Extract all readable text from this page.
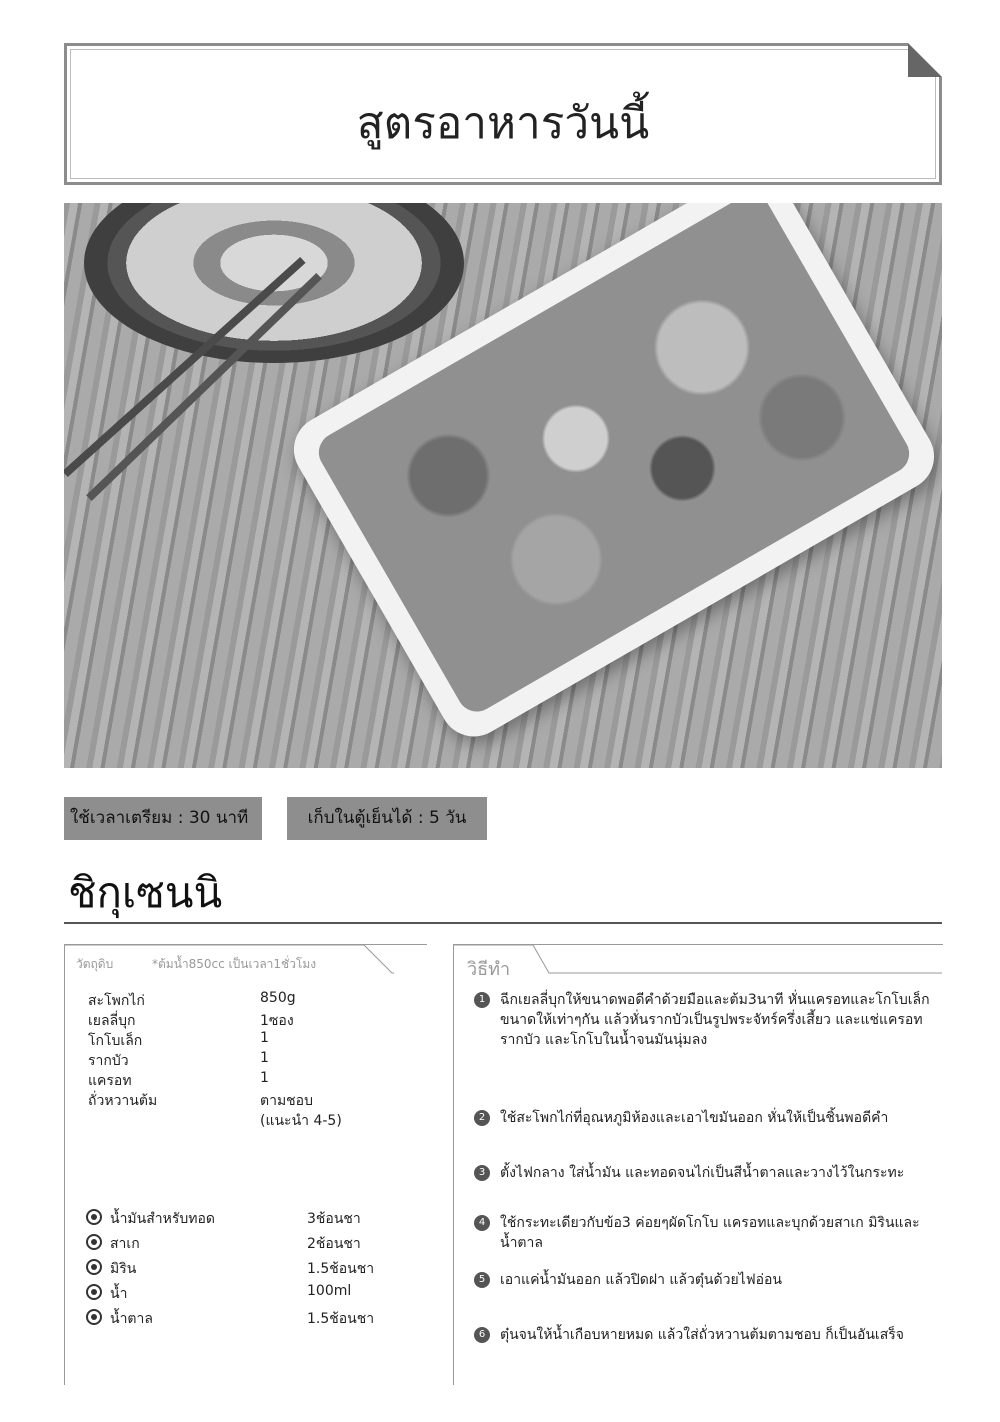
สูตรอาหารวันนี้
ใช้เวลาเตรียม : 30 นาที	เก็บในตู้เย็นได้ : 5 วัน
ชิกุเซนนิ
วัตถุดิบ	*ต้มน้ำ850cc เป็นเวลา1ชั่วโมง	วิธีทำ
สะโพกไก่	850g
เยลลี่บุก	1ซอง
โกโบเล็ก	1
รากบัว	1
แครอท	1
ถั่วหวานต้ม	ตามชอบ
(แนะนำ 4-5)
น้ำมันสำหรับทอด	3ช้อนชา
สาเก	2ช้อนชา
มิริน	1.5ช้อนชา
น้ำ	100ml
น้ำตาล	1.5ช้อนชา
1	ฉีกเยลลี่บุกให้ขนาดพอดีคำด้วยมือและต้ม3นาที หั่นแครอทและโกโบเล็กขนาดให้เท่าๆกัน แล้วหั่นรากบัวเป็นรูปพระจัทร์ครึ่งเสี้ยว และแช่แครอท รากบัว และโกโบในน้ำจนมันนุ่มลง
2	ใช้สะโพกไก่ที่อุณหภูมิห้องและเอาไขมันออก หั่นให้เป็นชิ้นพอดีคำ
3	ตั้งไฟกลาง ใส่น้ำมัน และทอดจนไก่เป็นสีน้ำตาลและวางไว้ในกระทะ
4	ใช้กระทะเดียวกับข้อ3 ค่อยๆผัดโกโบ แครอทและบุกด้วยสาเก มิรินและน้ำตาล
5	เอาแค่น้ำมันออก แล้วปิดฝา แล้วตุ๋นด้วยไฟอ่อน
6	ตุ๋นจนให้น้ำเกือบหายหมด แล้วใส่ถั่วหวานต้มตามชอบ ก็เป็นอันเสร็จ
